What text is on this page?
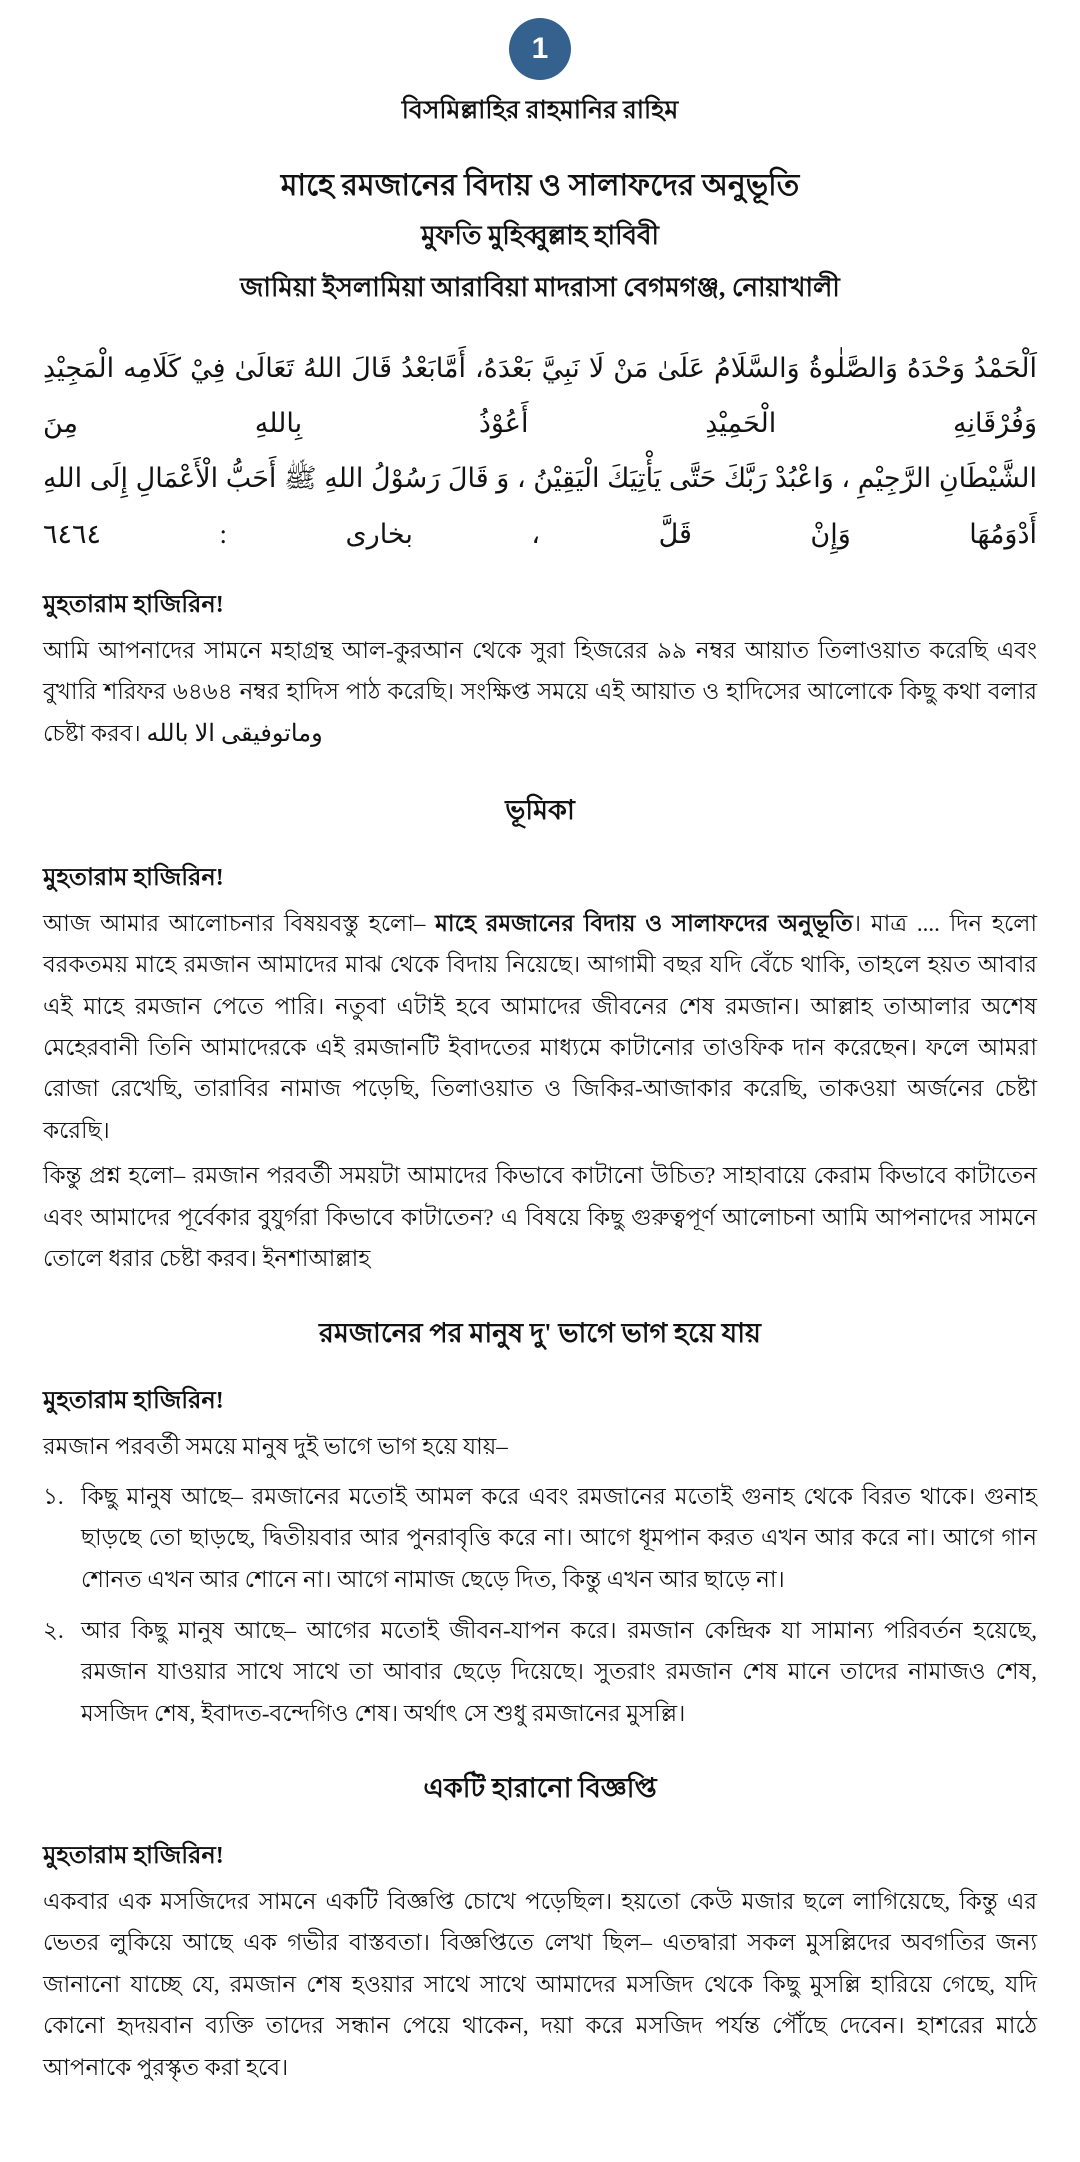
1
বিসমিল্লাহির রাহমানির রাহিম
মাহে রমজানের বিদায় ও সালাফদের অনুভূতি
মুফতি মুহিব্বুল্লাহ হাবিবী
জামিয়া ইসলামিয়া আরাবিয়া মাদরাসা বেগমগঞ্জ, নোয়াখালী
اَلْحَمْدُ وَحْدَهُ وَالصَّلٰوةُ وَالسَّلَامُ عَلَىٰ مَنْ لَا نَبِيَّ بَعْدَهُ، أَمَّابَعْدُ قَالَ اللهُ تَعَالَىٰ فِيْ كَلَامِه الْمَجِيْدِ وَفُرْقَانِهِ الْحَمِيْدِ أَعُوْذُ بِاللهِ مِنَ
الشَّيْطَانِ الرَّجِيْمِ ، وَاعْبُدْ رَبَّكَ حَتَّى يَأْتِيَكَ الْيَقِيْنُ ، وَ قَالَ رَسُوْلُ اللهِ ﷺ أَحَبُّ الْأَعْمَالِ إِلَى اللهِ أَدْوَمُهَا وَإِنْ قَلَّ ، بخارى : ٦٤٦٤
মুহতারাম হাজিরিন!

আমি আপনাদের সামনে মহাগ্রন্থ আল-কুরআন থেকে সুরা হিজরের ৯৯ নম্বর আয়াত তিলাওয়াত করেছি এবং বুখারি শরিফর ৬৪৬৪ নম্বর হাদিস পাঠ করেছি। সংক্ষিপ্ত সময়ে এই আয়াত ও হাদিসের আলোকে কিছু কথা বলার চেষ্টা করব। وماتوفيقى الا بالله

ভূমিকা
মুহতারাম হাজিরিন!

আজ আমার আলোচনার বিষয়বস্তু হলো– মাহে রমজানের বিদায় ও সালাফদের অনুভূতি। মাত্র .... দিন হলো বরকতময় মাহে রমজান আমাদের মাঝ থেকে বিদায় নিয়েছে। আগামী বছর যদি বেঁচে থাকি, তাহলে হয়ত আবার এই মাহে রমজান পেতে পারি। নতুবা এটাই হবে আমাদের জীবনের শেষ রমজান। আল্লাহ তাআলার অশেষ মেহেরবানী তিনি আমাদেরকে এই রমজানটি ইবাদতের মাধ্যমে কাটানোর তাওফিক দান করেছেন। ফলে আমরা রোজা রেখেছি, তারাবির নামাজ পড়েছি, তিলাওয়াত ও জিকির-আজাকার করেছি, তাকওয়া অর্জনের চেষ্টা করেছি।

কিন্তু প্রশ্ন হলো– রমজান পরবর্তী সময়টা আমাদের কিভাবে কাটানো উচিত? সাহাবায়ে কেরাম কিভাবে কাটাতেন এবং আমাদের পূর্বেকার বুযুর্গরা কিভাবে কাটাতেন? এ বিষয়ে কিছু গুরুত্বপূর্ণ আলোচনা আমি আপনাদের সামনে তোলে ধরার চেষ্টা করব। ইনশাআল্লাহ

রমজানের পর মানুষ দু' ভাগে ভাগ হয়ে যায়
মুহতারাম হাজিরিন!
রমজান পরবর্তী সময়ে মানুষ দুই ভাগে ভাগ হয়ে যায়–
১. কিছু মানুষ আছে– রমজানের মতোই আমল করে এবং রমজানের মতোই গুনাহ থেকে বিরত থাকে। গুনাহ ছাড়ছে তো ছাড়ছে, দ্বিতীয়বার আর পুনরাবৃত্তি করে না। আগে ধূমপান করত এখন আর করে না। আগে গান শোনত এখন আর শোনে না। আগে নামাজ ছেড়ে দিত, কিন্তু এখন আর ছাড়ে না।
২. আর কিছু মানুষ আছে– আগের মতোই জীবন-যাপন করে। রমজান কেন্দ্রিক যা সামান্য পরিবর্তন হয়েছে, রমজান যাওয়ার সাথে সাথে তা আবার ছেড়ে দিয়েছে। সুতরাং রমজান শেষ মানে তাদের নামাজও শেষ, মসজিদ শেষ, ইবাদত-বন্দেগিও শেষ। অর্থাৎ সে শুধু রমজানের মুসল্লি।
একটি হারানো বিজ্ঞপ্তি
মুহতারাম হাজিরিন!

একবার এক মসজিদের সামনে একটি বিজ্ঞপ্তি চোখে পড়েছিল। হয়তো কেউ মজার ছলে লাগিয়েছে, কিন্তু এর ভেতর লুকিয়ে আছে এক গভীর বাস্তবতা। বিজ্ঞপ্তিতে লেখা ছিল– এতদ্বারা সকল মুসল্লিদের অবগতির জন্য জানানো যাচ্ছে যে, রমজান শেষ হওয়ার সাথে সাথে আমাদের মসজিদ থেকে কিছু মুসল্লি হারিয়ে গেছে, যদি কোনো হৃদয়বান ব্যক্তি তাদের সন্ধান পেয়ে থাকেন, দয়া করে মসজিদ পর্যন্ত পৌঁছে দেবেন। হাশরের মাঠে আপনাকে পুরস্কৃত করা হবে।
